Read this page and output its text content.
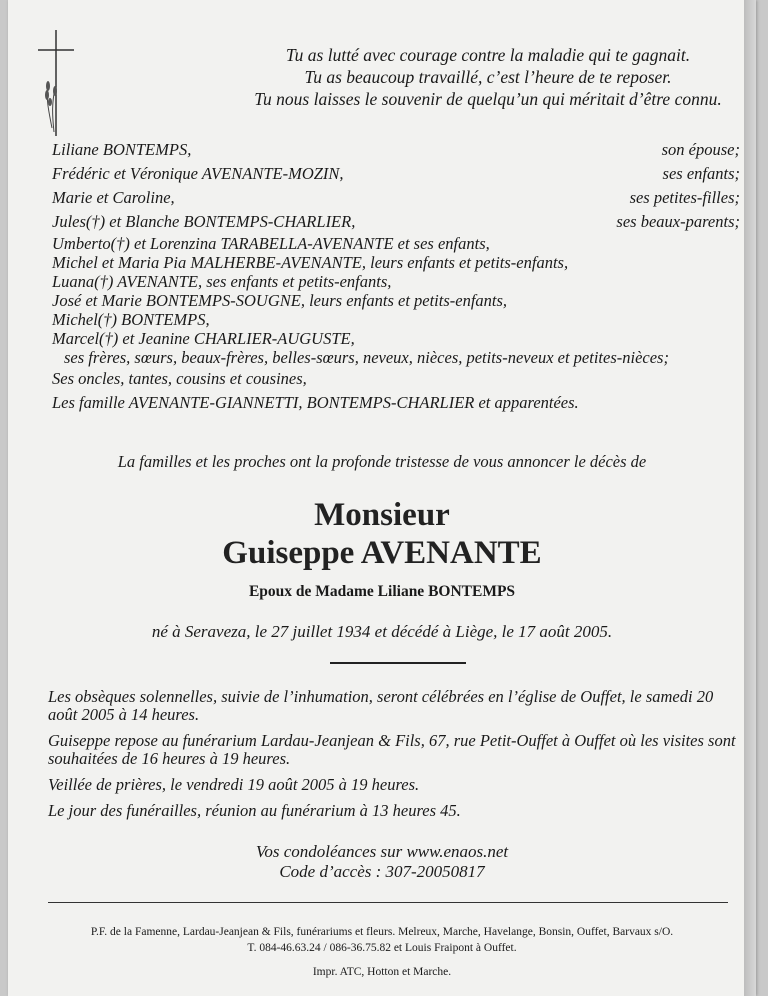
Tu as lutté avec courage contre la maladie qui te gagnait.
Tu as beaucoup travaillé, c’est l’heure de te reposer.
Tu nous laisses le souvenir de quelqu’un qui méritait d’être connu.
Liliane BONTEMPS,	son épouse;
Frédéric et Véronique AVENANTE-MOZIN,	ses enfants;
Marie et Caroline,	ses petites-filles;
Jules(†) et Blanche BONTEMPS-CHARLIER,	ses beaux-parents;
Umberto(†) et Lorenzina TARABELLA-AVENANTE et ses enfants,
Michel et Maria Pia MALHERBE-AVENANTE, leurs enfants et petits-enfants,
Luana(†) AVENANTE, ses enfants et petits-enfants,
José et Marie BONTEMPS-SOUGNE, leurs enfants et petits-enfants,
Michel(†) BONTEMPS,
Marcel(†) et Jeanine CHARLIER-AUGUSTE,
ses frères, sœurs, beaux-frères, belles-sœurs, neveux, nièces, petits-neveux et petites-nièces;
Ses oncles, tantes, cousins et cousines,
Les famille AVENANTE-GIANNETTI, BONTEMPS-CHARLIER et apparentées.
La familles et les proches ont la profonde tristesse de vous annoncer le décès de
Monsieur
Guiseppe AVENANTE
Epoux de Madame Liliane BONTEMPS
né à Seraveza, le 27 juillet 1934 et décédé à Liège, le 17 août 2005.

Les obsèques solennelles, suivie de l’inhumation, seront célébrées en l’église de Ouffet, le samedi 20 août 2005 à 14 heures.

Guiseppe repose au funérarium Lardau-Jeanjean & Fils, 67, rue Petit-Ouffet à Ouffet où les visites sont souhaitées de 16 heures à 19 heures.

Veillée de prières, le vendredi 19 août 2005 à 19 heures.

Le jour des funérailles, réunion au funérarium à 13 heures 45.

Vos condoléances sur www.enaos.net
Code d’accès : 307-20050817
P.F. de la Famenne, Lardau-Jeanjean & Fils, funérariums et fleurs. Melreux, Marche, Havelange, Bonsin, Ouffet, Barvaux s/O.
T. 084-46.63.24 / 086-36.75.82 et Louis Fraipont à Ouffet.
Impr. ATC, Hotton et Marche.
